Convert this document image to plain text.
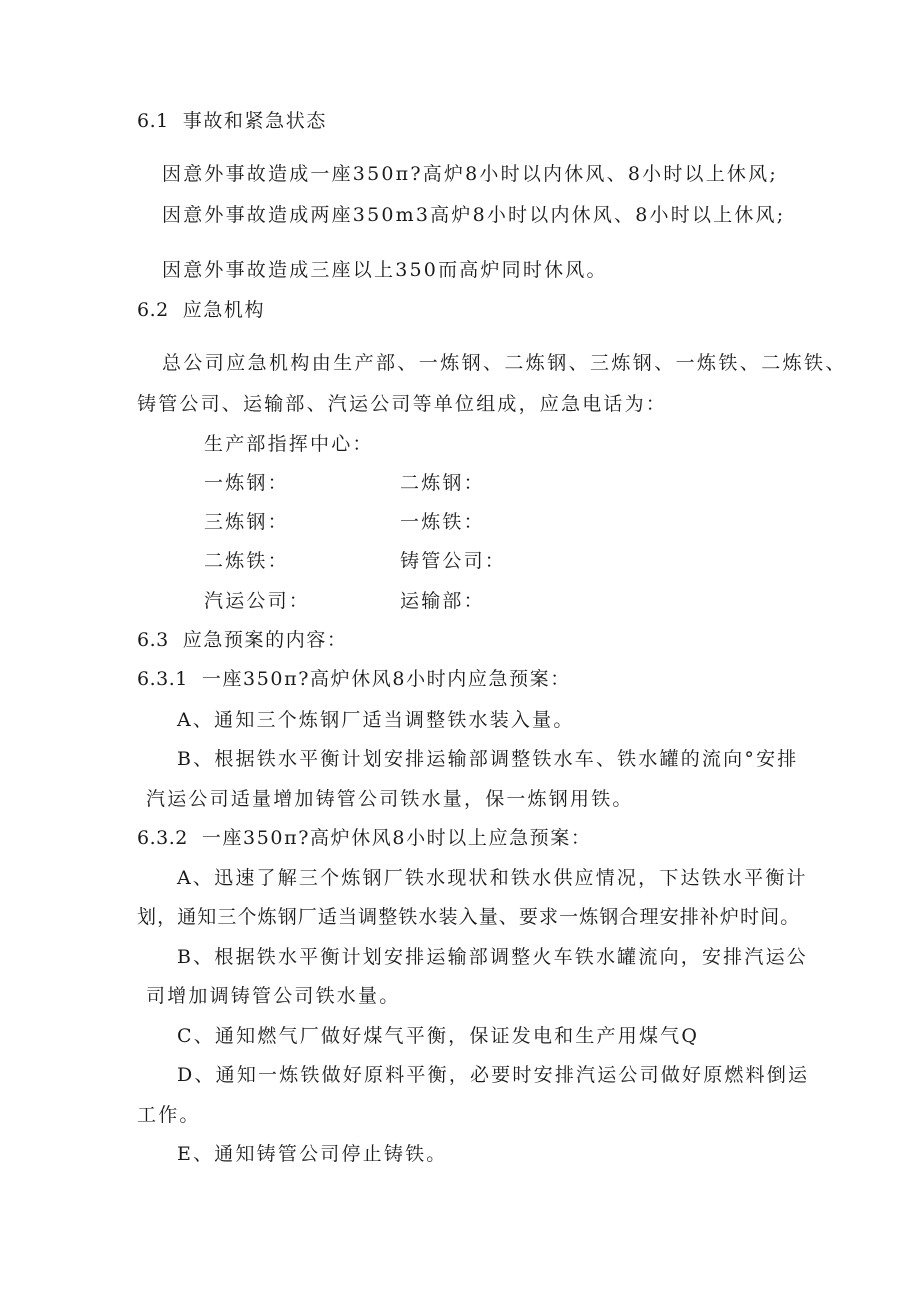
6.1 事故和紧急状态
因意外事故造成一座350π?高炉8小时以内休风、8小时以上休风;
因意外事故造成两座350m3高炉8小时以内休风、8小时以上休风;
因意外事故造成三座以上350而高炉同时休风。
6.2 应急机构
总公司应急机构由生产部、一炼钢、二炼钢、三炼钢、一炼铁、二炼铁、
铸管公司、运输部、汽运公司等单位组成，应急电话为：
生产部指挥中心：
一炼钢：	二炼钢：
三炼钢：	一炼铁：
二炼铁：	铸管公司：
汽运公司：	运输部：
6.3 应急预案的内容：
6.3.1 一座350π?高炉休风8小时内应急预案：
A、通知三个炼钢厂适当调整铁水装入量。
B、根据铁水平衡计划安排运输部调整铁水车、铁水罐的流向°安排
汽运公司适量增加铸管公司铁水量，保一炼钢用铁。
6.3.2 一座350π?高炉休风8小时以上应急预案：
A、迅速了解三个炼钢厂铁水现状和铁水供应情况，下达铁水平衡计
划，通知三个炼钢厂适当调整铁水装入量、要求一炼钢合理安排补炉时间。
B、根据铁水平衡计划安排运输部调整火车铁水罐流向，安排汽运公
司增加调铸管公司铁水量。
C、通知燃气厂做好煤气平衡，保证发电和生产用煤气Q
D、通知一炼铁做好原料平衡，必要时安排汽运公司做好原燃料倒运
工作。
E、通知铸管公司停止铸铁。
